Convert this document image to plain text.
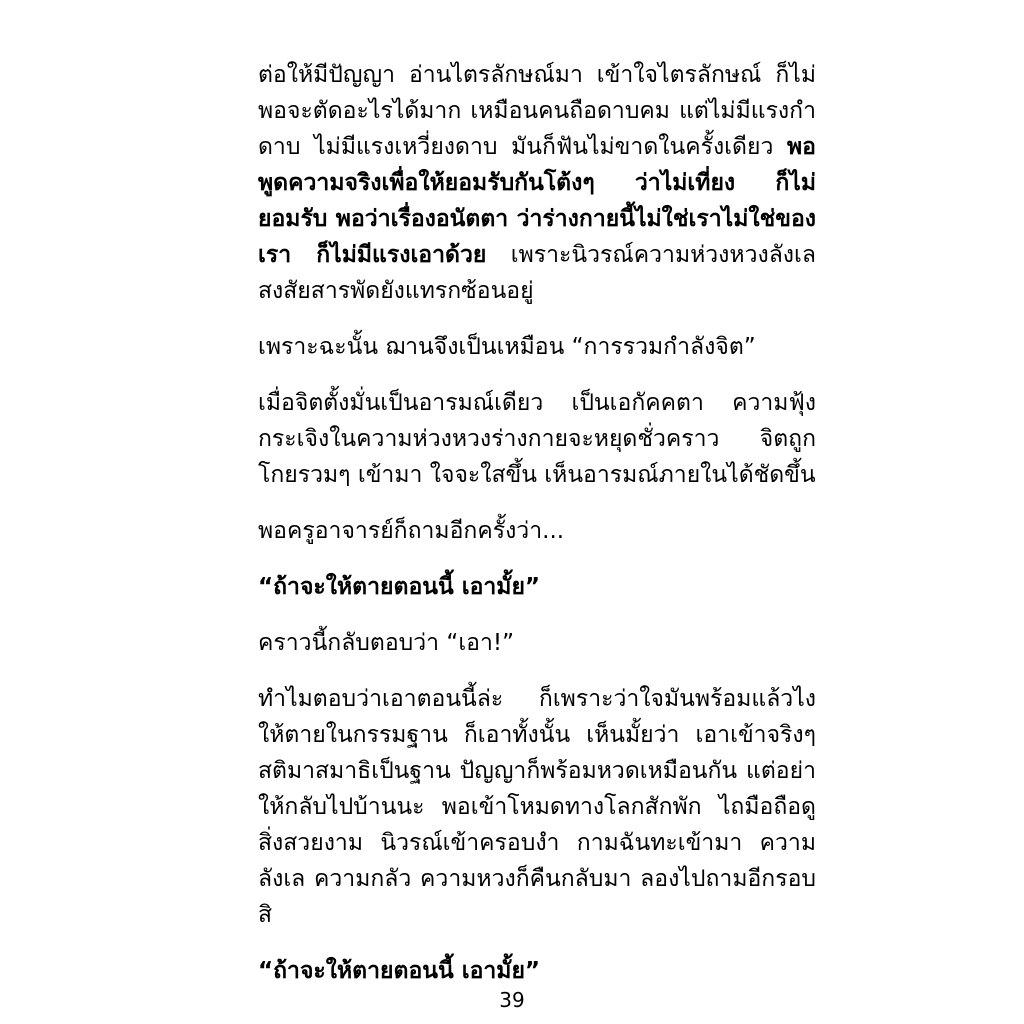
ต่อให้มีปัญญา อ่านไตรลักษณ์มา เข้าใจไตรลักษณ์ ก็ไม่พอจะตัดอะไรได้มาก เหมือนคนถือดาบคม แต่ไม่มีแรงกำดาบ ไม่มีแรงเหวี่ยงดาบ มันก็ฟันไม่ขาดในครั้งเดียว พอพูดความจริงเพื่อให้ยอมรับกันโต้งๆ ว่าไม่เที่ยง ก็ไม่ยอมรับ พอว่าเรื่องอนัตตา ว่าร่างกายนี้ไม่ใช่เราไม่ใช่ของเรา ก็ไม่มีแรงเอาด้วย เพราะนิวรณ์ความห่วงหวงลังเลสงสัยสารพัดยังแทรกซ้อนอยู่

เพราะฉะนั้น ฌานจึงเป็นเหมือน “การรวมกำลังจิต”

เมื่อจิตตั้งมั่นเป็นอารมณ์เดียว เป็นเอกัคคตา ความฟุ้งกระเจิงในความห่วงหวงร่างกายจะหยุดชั่วคราว จิตถูกโกยรวมๆ เข้ามา ใจจะใสขึ้น เห็นอารมณ์ภายในได้ชัดขึ้น

พอครูอาจารย์ก็ถามอีกครั้งว่า...

“ถ้าจะให้ตายตอนนี้ เอามั้ย”

คราวนี้กลับตอบว่า “เอา!”

ทำไมตอบว่าเอาตอนนี้ล่ะ ก็เพราะว่าใจมันพร้อมแล้วไง ให้ตายในกรรมฐาน ก็เอาทั้งนั้น เห็นมั้ยว่า เอาเข้าจริงๆ สติมาสมาธิเป็นฐาน ปัญญาก็พร้อมหวดเหมือนกัน แต่อย่าให้กลับไปบ้านนะ พอเข้าโหมดทางโลกสักพัก ไถมือถือดูสิ่งสวยงาม นิวรณ์เข้าครอบงำ กามฉันทะเข้ามา ความลังเล ความกลัว ความหวงก็คืนกลับมา ลองไปถามอีกรอบสิ

“ถ้าจะให้ตายตอนนี้ เอามั้ย”

39
